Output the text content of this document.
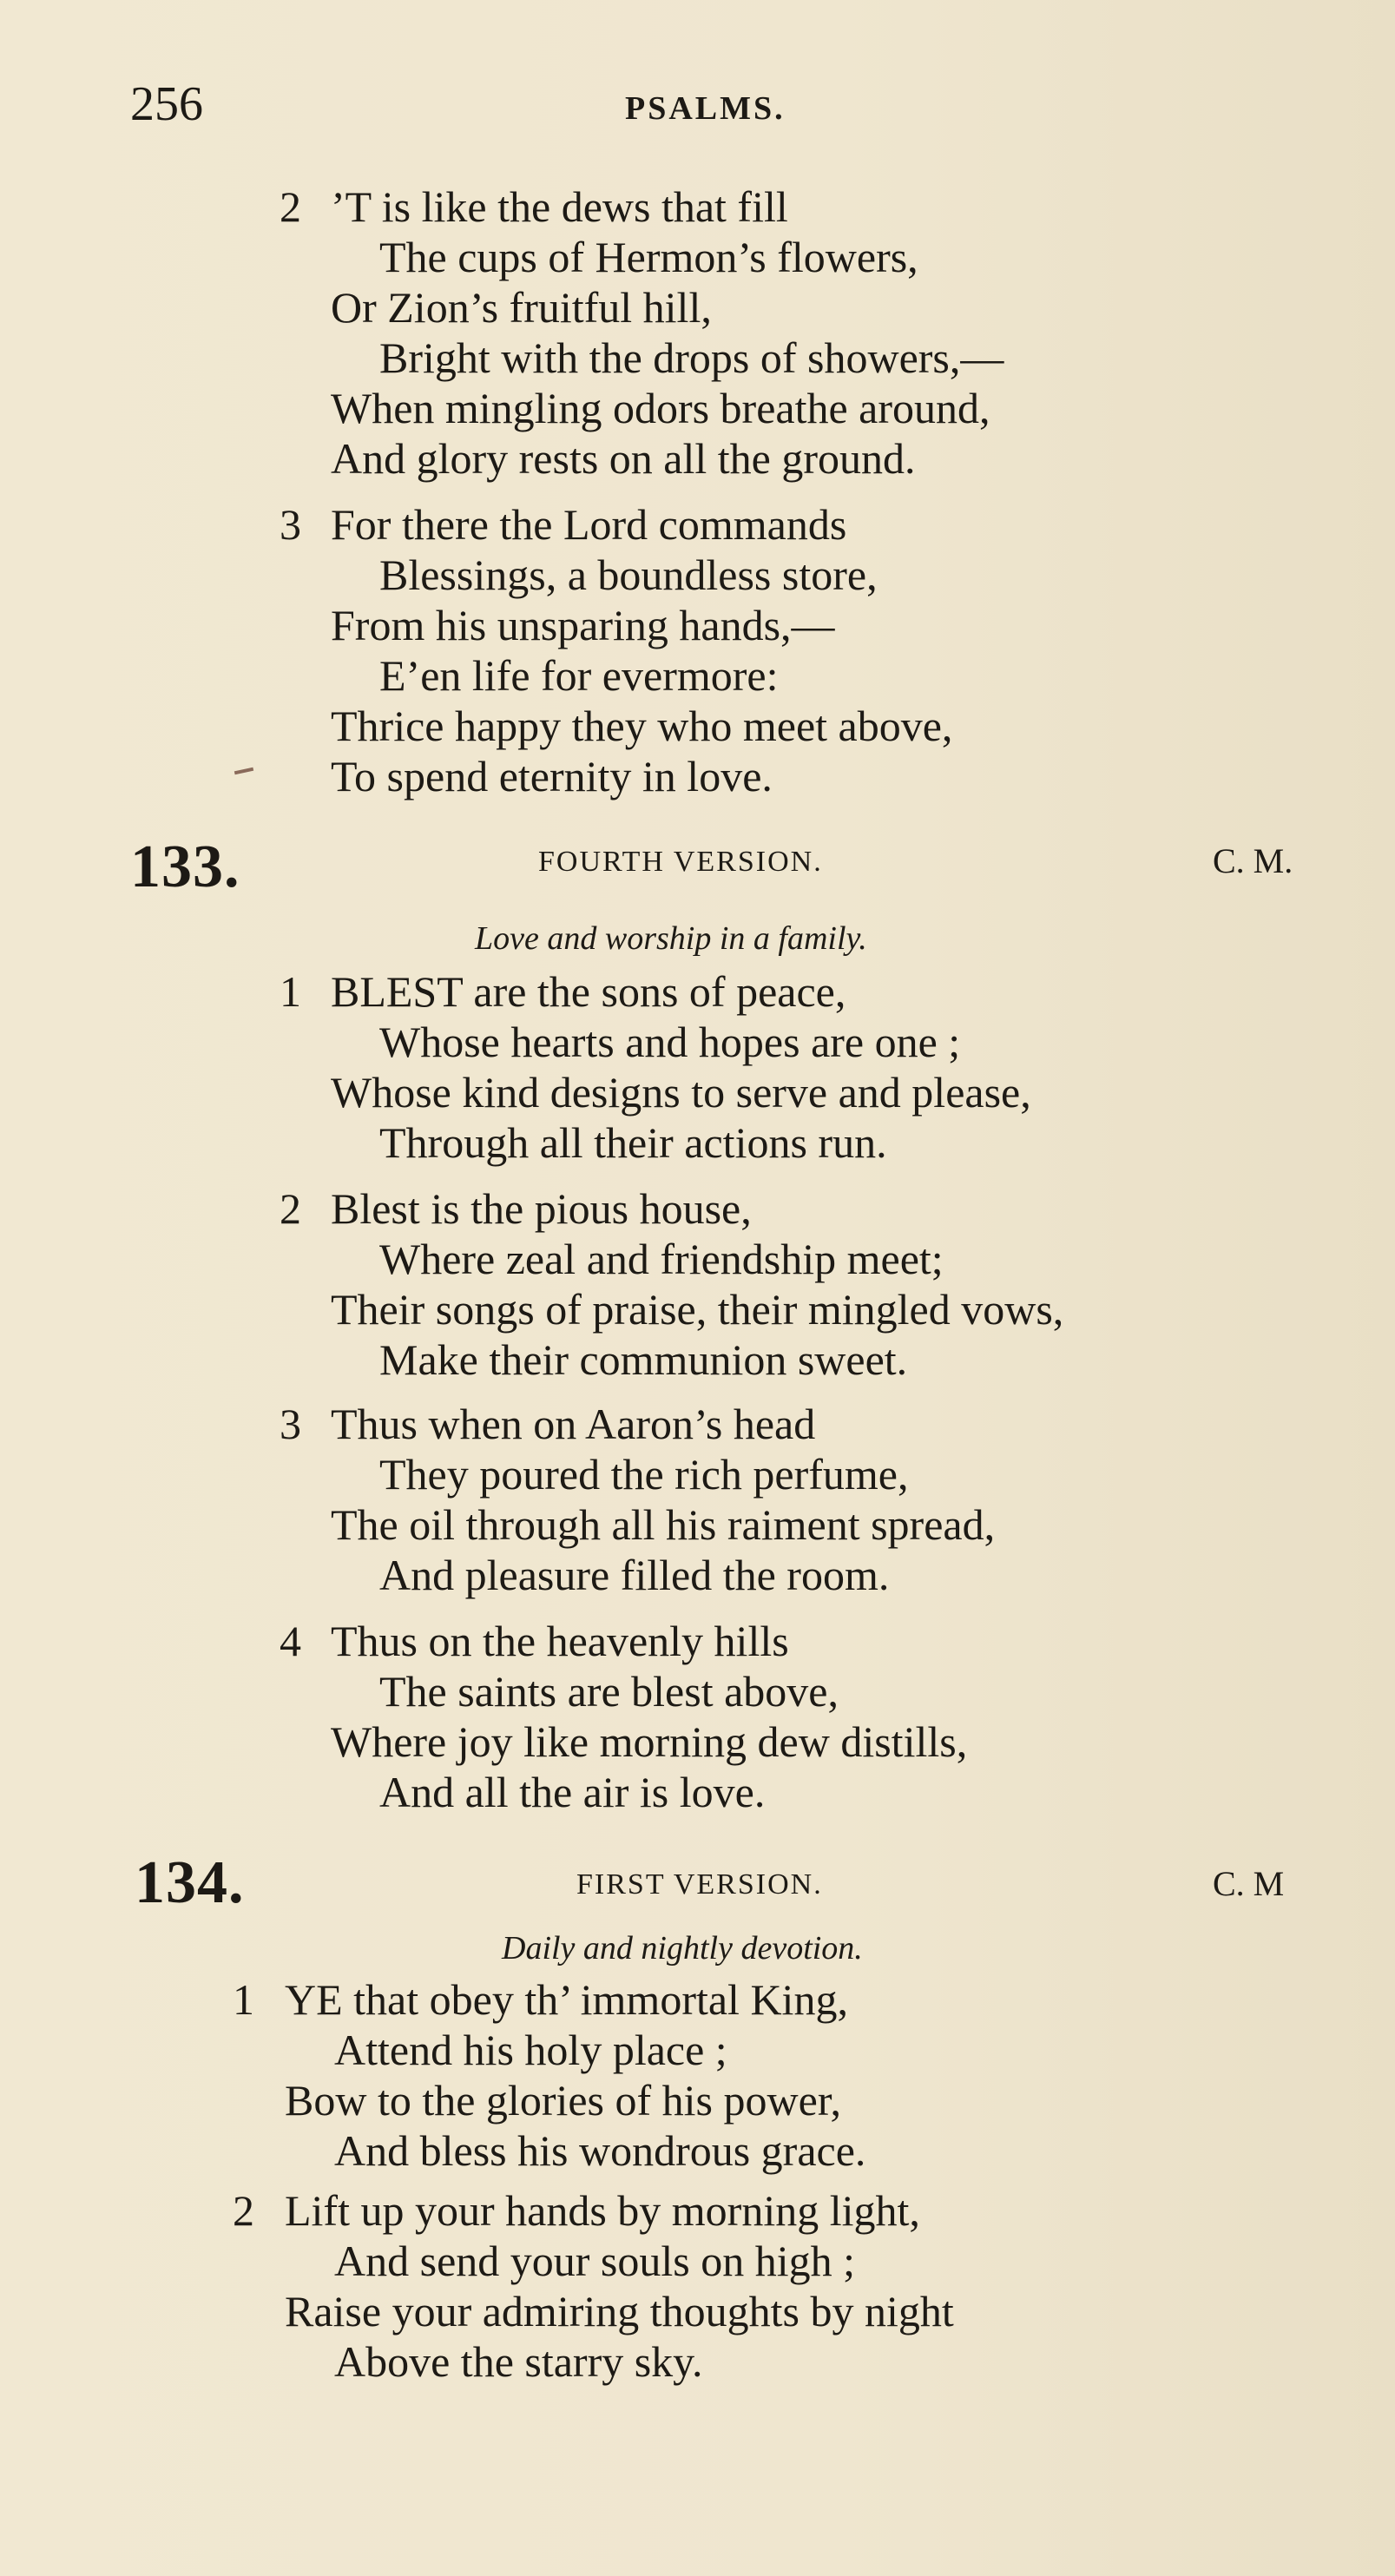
256	PSALMS.
2 ’T is like the dews that fill
The cups of Hermon’s flowers,
Or Zion’s fruitful hill,
Bright with the drops of showers,—
When mingling odors breathe around,
And glory rests on all the ground.
3 For there the Lord commands
Blessings, a boundless store,
From his unsparing hands,—
E’en life for evermore:
Thrice happy they who meet above,
To spend eternity in love.
133.	FOURTH VERSION.	C. M.
Love and worship in a family.
1 BLEST are the sons of peace,
Whose hearts and hopes are one ;
Whose kind designs to serve and please,
Through all their actions run.
2 Blest is the pious house,
Where zeal and friendship meet;
Their songs of praise, their mingled vows,
Make their communion sweet.
3 Thus when on Aaron’s head
They poured the rich perfume,
The oil through all his raiment spread,
And pleasure filled the room.
4 Thus on the heavenly hills
The saints are blest above,
Where joy like morning dew distills,
And all the air is love.
134.	FIRST VERSION.	C. M
Daily and nightly devotion.
1 YE that obey th’ immortal King,
Attend his holy place ;
Bow to the glories of his power,
And bless his wondrous grace.
2 Lift up your hands by morning light,
And send your souls on high ;
Raise your admiring thoughts by night
Above the starry sky.
